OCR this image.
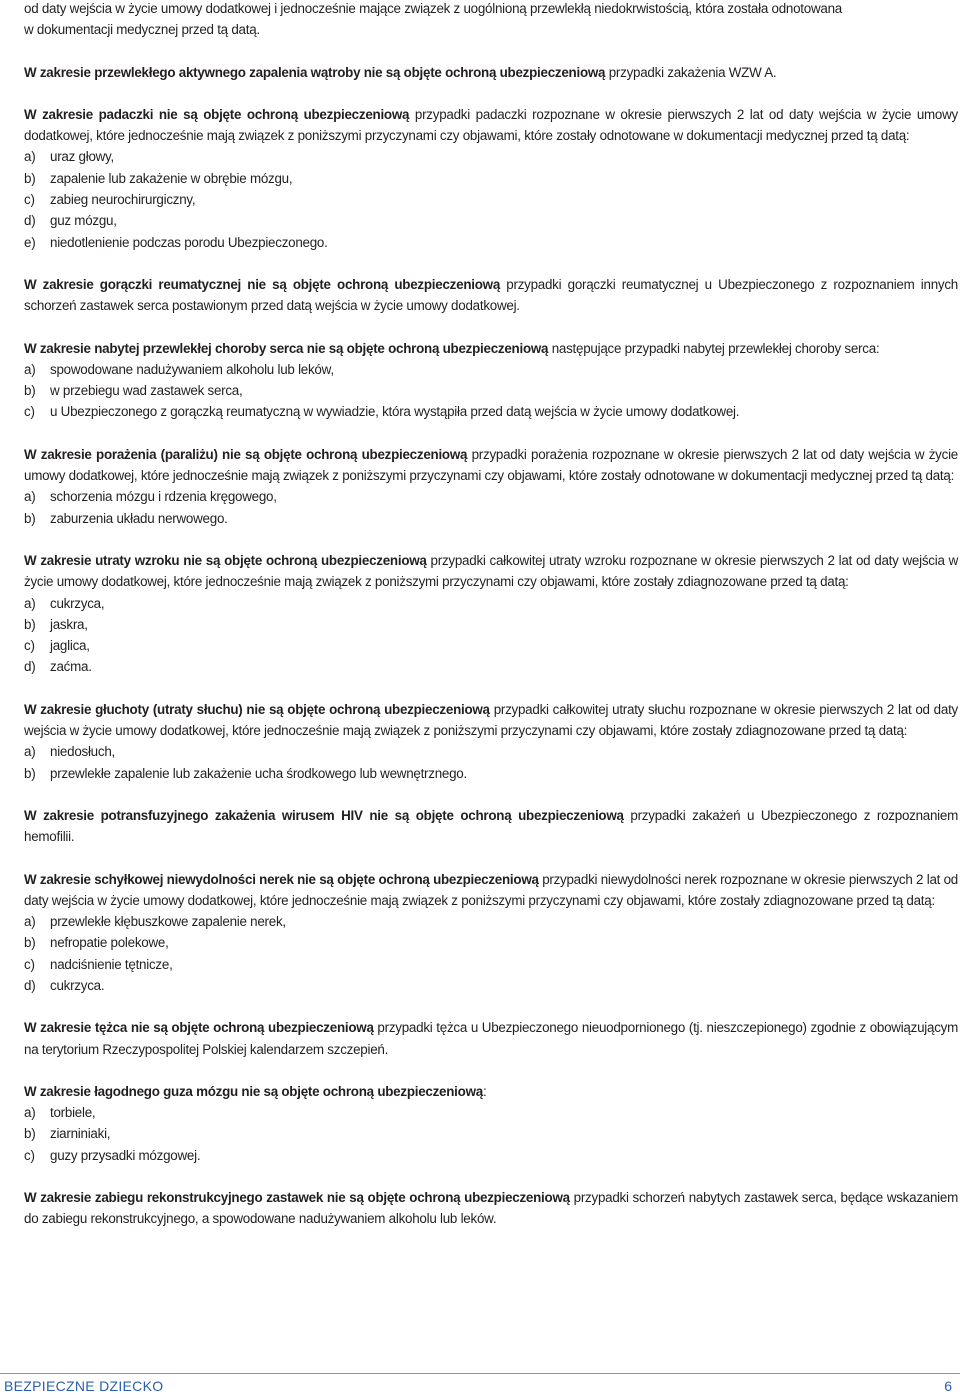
od daty wejścia w życie umowy dodatkowej i jednocześnie mające związek z uogólnioną przewlekłą niedokrwistością, która została odnotowana
w dokumentacji medycznej przed tą datą.

W zakresie przewlekłego aktywnego zapalenia wątroby nie są objęte ochroną ubezpieczeniową przypadki zakażenia WZW A.

W zakresie padaczki nie są objęte ochroną ubezpieczeniową przypadki padaczki rozpoznane w okresie pierwszych 2 lat od daty wejścia w życie umowy dodatkowej, które jednocześnie mają związek z poniższymi przyczynami czy objawami, które zostały odnotowane w dokumentacji medycznej przed tą datą:

a)	uraz głowy,
b)	zapalenie lub zakażenie w obrębie mózgu,
c)	zabieg neurochirurgiczny,
d)	guz mózgu,
e)	niedotlenienie podczas porodu Ubezpieczonego.

W zakresie gorączki reumatycznej nie są objęte ochroną ubezpieczeniową przypadki gorączki reumatycznej u Ubezpieczonego z rozpoznaniem innych schorzeń zastawek serca postawionym przed datą wejścia w życie umowy dodatkowej.

W zakresie nabytej przewlekłej choroby serca nie są objęte ochroną ubezpieczeniową następujące przypadki nabytej przewlekłej choroby serca:

a)	spowodowane nadużywaniem alkoholu lub leków,
b)	w przebiegu wad zastawek serca,
c)	u Ubezpieczonego z gorączką reumatyczną w wywiadzie, która wystąpiła przed datą wejścia w życie umowy dodatkowej.

W zakresie porażenia (paraliżu) nie są objęte ochroną ubezpieczeniową przypadki porażenia rozpoznane w okresie pierwszych 2 lat od daty wejścia w życie umowy dodatkowej, które jednocześnie mają związek z poniższymi przyczynami czy objawami, które zostały odnotowane w dokumentacji medycznej przed tą datą:

a)	schorzenia mózgu i rdzenia kręgowego,
b)	zaburzenia układu nerwowego.

W zakresie utraty wzroku nie są objęte ochroną ubezpieczeniową przypadki całkowitej utraty wzroku rozpoznane w okresie pierwszych 2 lat od daty wejścia w życie umowy dodatkowej, które jednocześnie mają związek z poniższymi przyczynami czy objawami, które zostały zdiagnozowane przed tą datą:

a)	cukrzyca,
b)	jaskra,
c)	jaglica,
d)	zaćma.

W zakresie głuchoty (utraty słuchu) nie są objęte ochroną ubezpieczeniową przypadki całkowitej utraty słuchu rozpoznane w okresie pierwszych 2 lat od daty wejścia w życie umowy dodatkowej, które jednocześnie mają związek z poniższymi przyczynami czy objawami, które zostały zdiagnozowane przed tą datą:

a)	niedosłuch,
b)	przewlekłe zapalenie lub zakażenie ucha środkowego lub wewnętrznego.

W zakresie potransfuzyjnego zakażenia wirusem HIV nie są objęte ochroną ubezpieczeniową przypadki zakażeń u Ubezpieczonego z rozpoznaniem hemofilii.

W zakresie schyłkowej niewydolności nerek nie są objęte ochroną ubezpieczeniową przypadki niewydolności nerek rozpoznane w okresie pierwszych 2 lat od daty wejścia w życie umowy dodatkowej, które jednocześnie mają związek z poniższymi przyczynami czy objawami, które zostały zdiagnozowane przed tą datą:

a)	przewlekłe kłębuszkowe zapalenie nerek,
b)	nefropatie polekowe,
c)	nadciśnienie tętnicze,
d)	cukrzyca.

W zakresie tężca nie są objęte ochroną ubezpieczeniową przypadki tężca u Ubezpieczonego nieuodpornionego (tj. nieszczepionego) zgodnie z obowiązującym na terytorium Rzeczypospolitej Polskiej kalendarzem szczepień.

W zakresie łagodnego guza mózgu nie są objęte ochroną ubezpieczeniową:

a)	torbiele,
b)	ziarniniaki,
c)	guzy przysadki mózgowej.

W zakresie zabiegu rekonstrukcyjnego zastawek nie są objęte ochroną ubezpieczeniową przypadki schorzeń nabytych zastawek serca, będące wskazaniem do zabiegu rekonstrukcyjnego, a spowodowane nadużywaniem alkoholu lub leków.

BEZPIECZNE DZIECKO	6
